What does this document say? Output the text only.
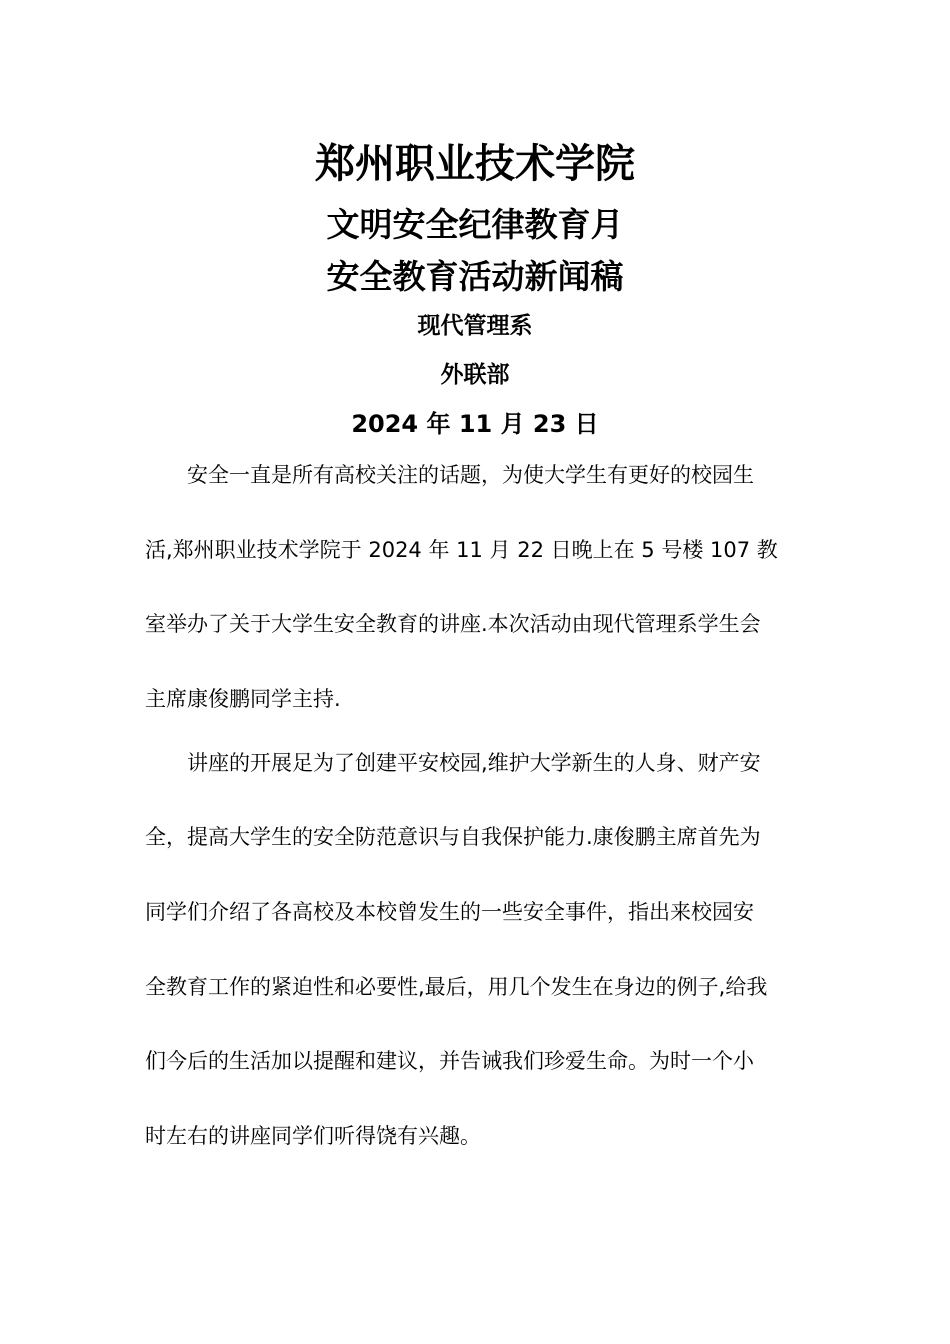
郑州职业技术学院
文明安全纪律教育月
安全教育活动新闻稿
现代管理系
外联部
2024 年 11 月 23 日
安全一直是所有高校关注的话题，为使大学生有更好的校园生
活,郑州职业技术学院于 2024 年 11 月 22 日晚上在 5 号楼 107 教
室举办了关于大学生安全教育的讲座.本次活动由现代管理系学生会
主席康俊鹏同学主持.
讲座的开展足为了创建平安校园,维护大学新生的人身、财产安
全，提高大学生的安全防范意识与自我保护能力.康俊鹏主席首先为
同学们介绍了各高校及本校曾发生的一些安全事件，指出来校园安
全教育工作的紧迫性和必要性,最后，用几个发生在身边的例子,给我
们今后的生活加以提醒和建议，并告诫我们珍爱生命。为时一个小
时左右的讲座同学们听得饶有兴趣。
